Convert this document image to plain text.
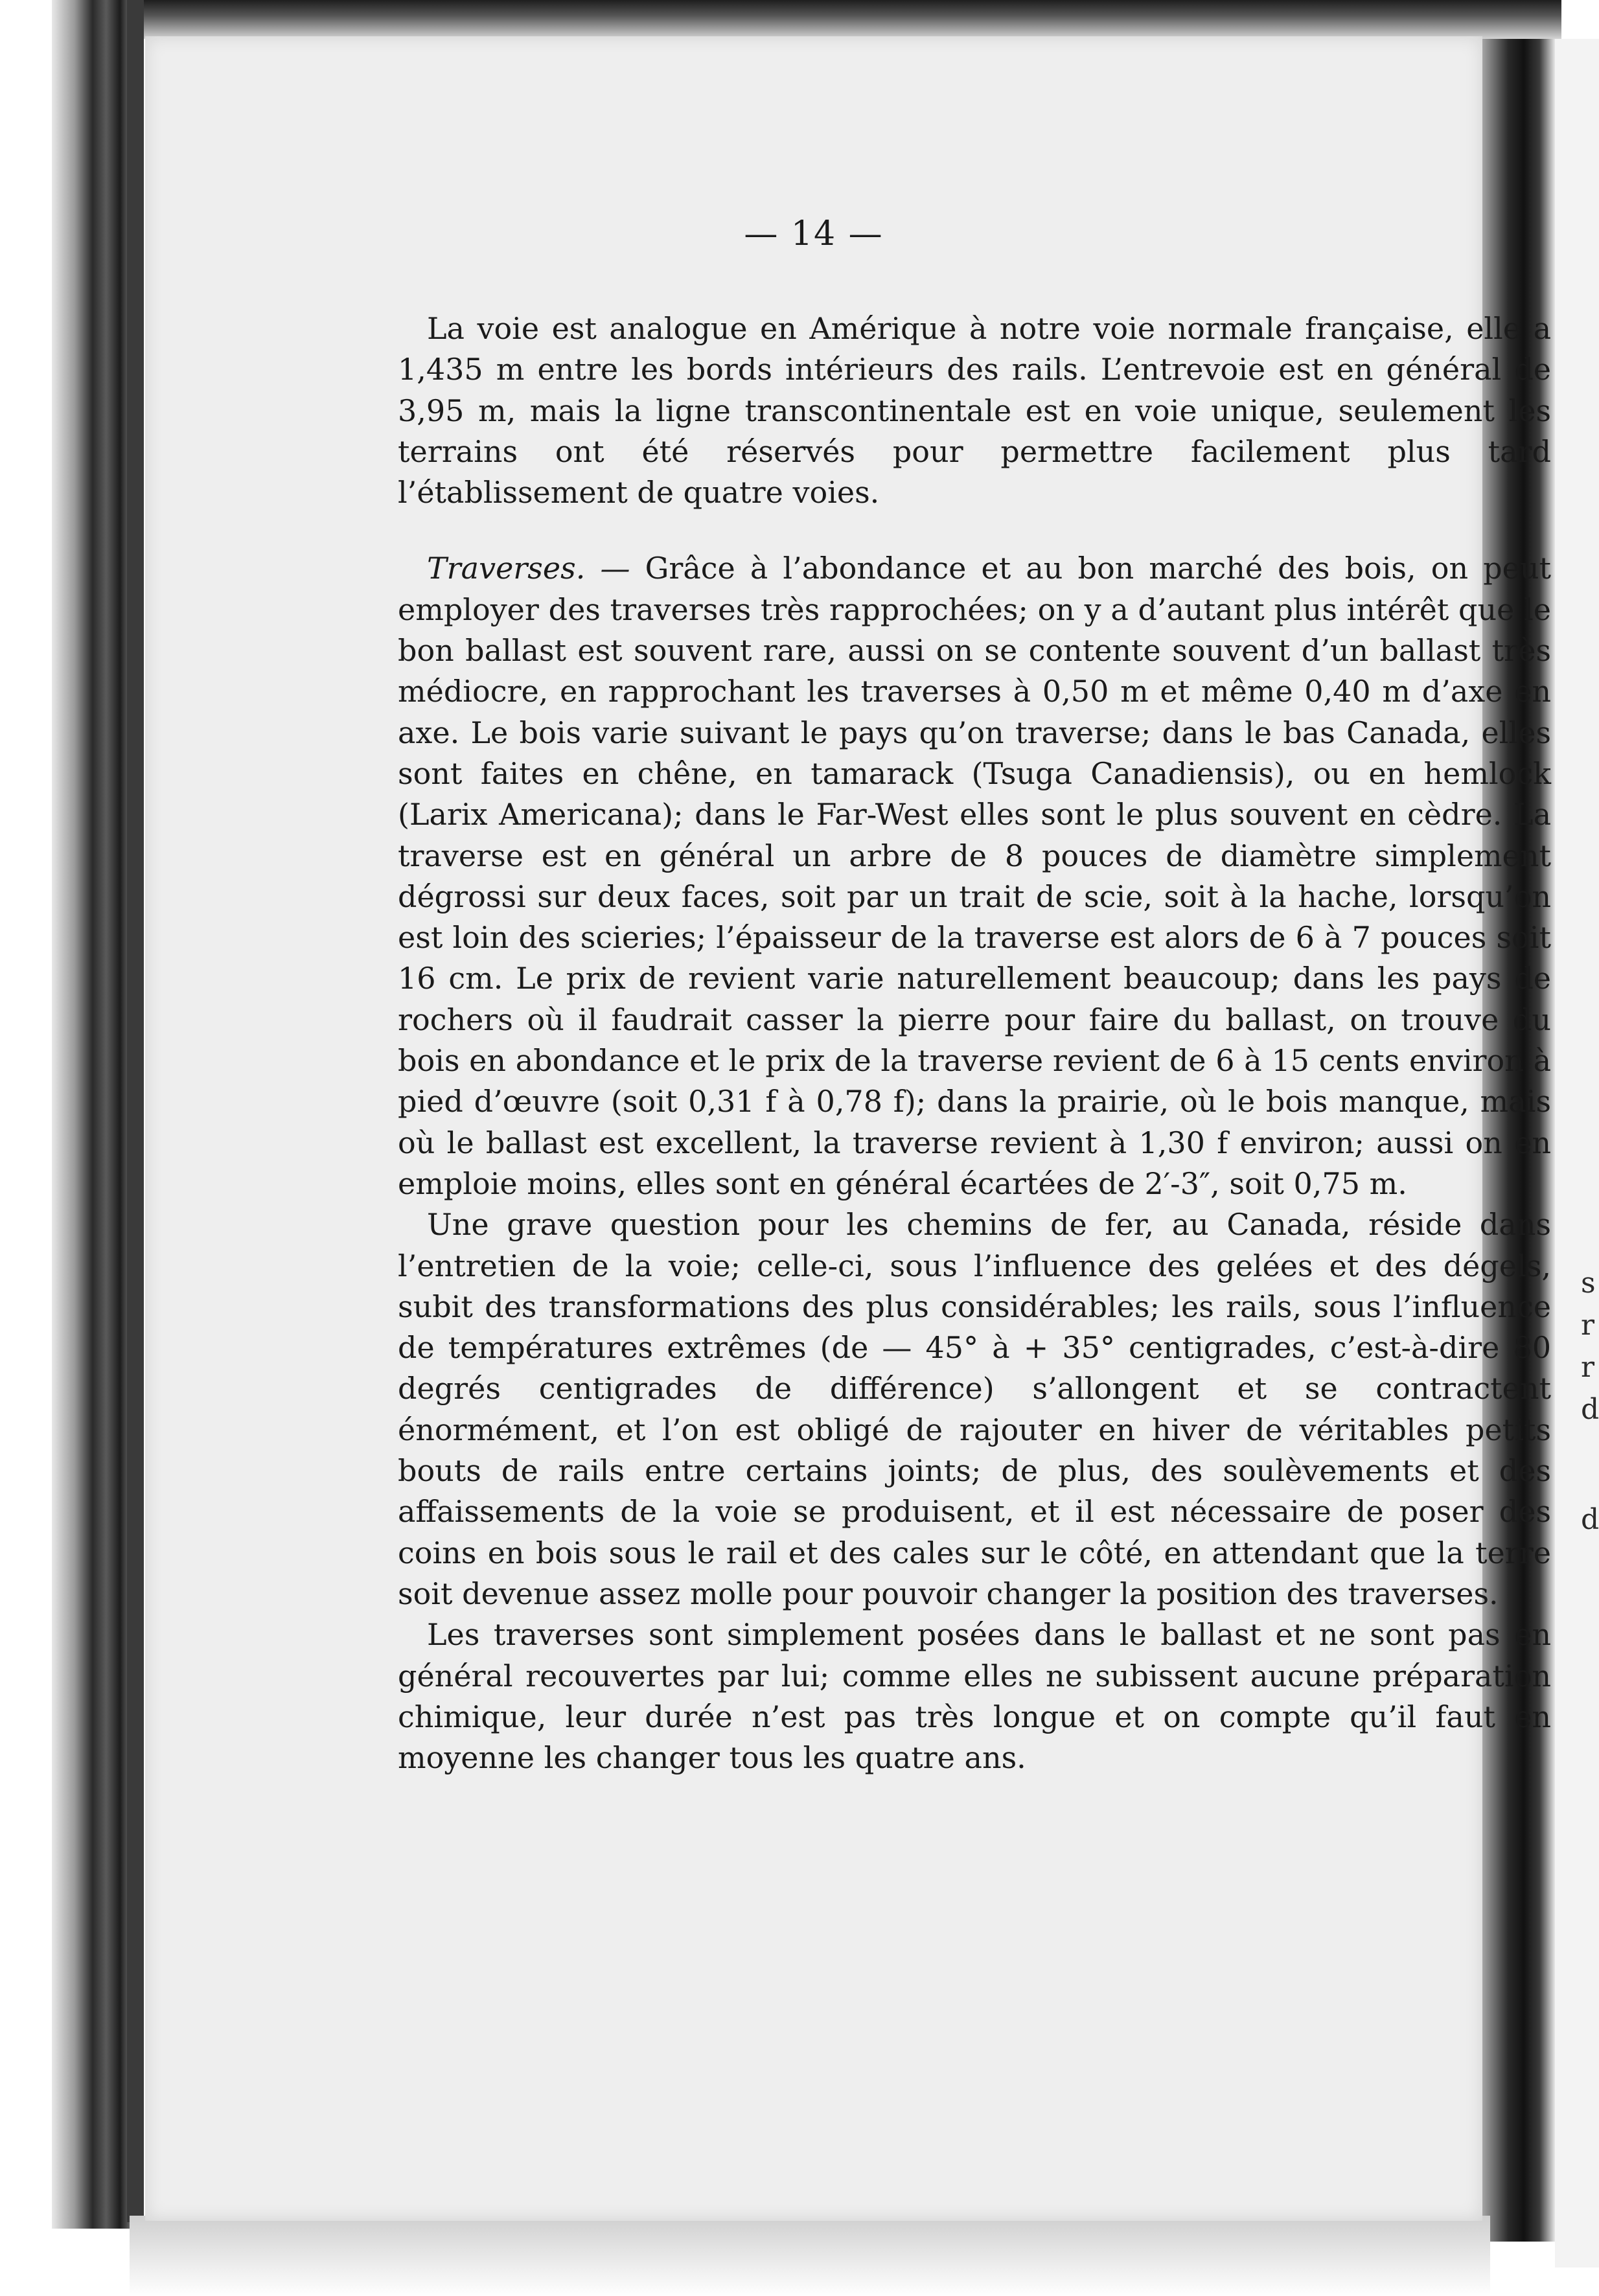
s
r
r
d
d
— 14 —

La voie est analogue en Amérique à notre voie normale française, elle a 1,435 m entre les bords intérieurs des rails. L’entrevoie est en général de 3,95 m, mais la ligne transcontinentale est en voie unique, seulement les terrains ont été réservés pour permettre facilement plus tard l’établissement de quatre voies.

Traverses. — Grâce à l’abondance et au bon marché des bois, on peut employer des traverses très rapprochées; on y a d’autant plus intérêt que le bon ballast est souvent rare, aussi on se contente souvent d’un ballast très médiocre, en rapprochant les traverses à 0,50 m et même 0,40 m d’axe en axe. Le bois varie suivant le pays qu’on traverse; dans le bas Canada, elles sont faites en chêne, en tamarack (Tsuga Canadiensis), ou en hemlock (Larix Americana); dans le Far-West elles sont le plus souvent en cèdre. La traverse est en général un arbre de 8 pouces de diamètre simplement dégrossi sur deux faces, soit par un trait de scie, soit à la hache, lorsqu’on est loin des scieries; l’épaisseur de la traverse est alors de 6 à 7 pouces soit 16 cm. Le prix de revient varie naturellement beaucoup; dans les pays de rochers où il faudrait casser la pierre pour faire du ballast, on trouve du bois en abondance et le prix de la traverse revient de 6 à 15 cents environ à pied d’œuvre (soit 0,31 f à 0,78 f); dans la prairie, où le bois manque, mais où le ballast est excellent, la traverse revient à 1,30 f environ; aussi on en emploie moins, elles sont en général écartées de 2′-3″, soit 0,75 m.

Une grave question pour les chemins de fer, au Canada, réside dans l’entretien de la voie; celle-ci, sous l’influence des gelées et des dégels, subit des transformations des plus considérables; les rails, sous l’influence de températures extrêmes (de — 45° à + 35° centigrades, c’est-à-dire 80 degrés centigrades de différence) s’allongent et se contractent énormément, et l’on est obligé de rajouter en hiver de véritables petits bouts de rails entre certains joints; de plus, des soulèvements et des affaissements de la voie se produisent, et il est nécessaire de poser des coins en bois sous le rail et des cales sur le côté, en attendant que la terre soit devenue assez molle pour pouvoir changer la position des traverses.

Les traverses sont simplement posées dans le ballast et ne sont pas en général recouvertes par lui; comme elles ne subissent aucune préparation chimique, leur durée n’est pas très longue et on compte qu’il faut en moyenne les changer tous les quatre ans.
